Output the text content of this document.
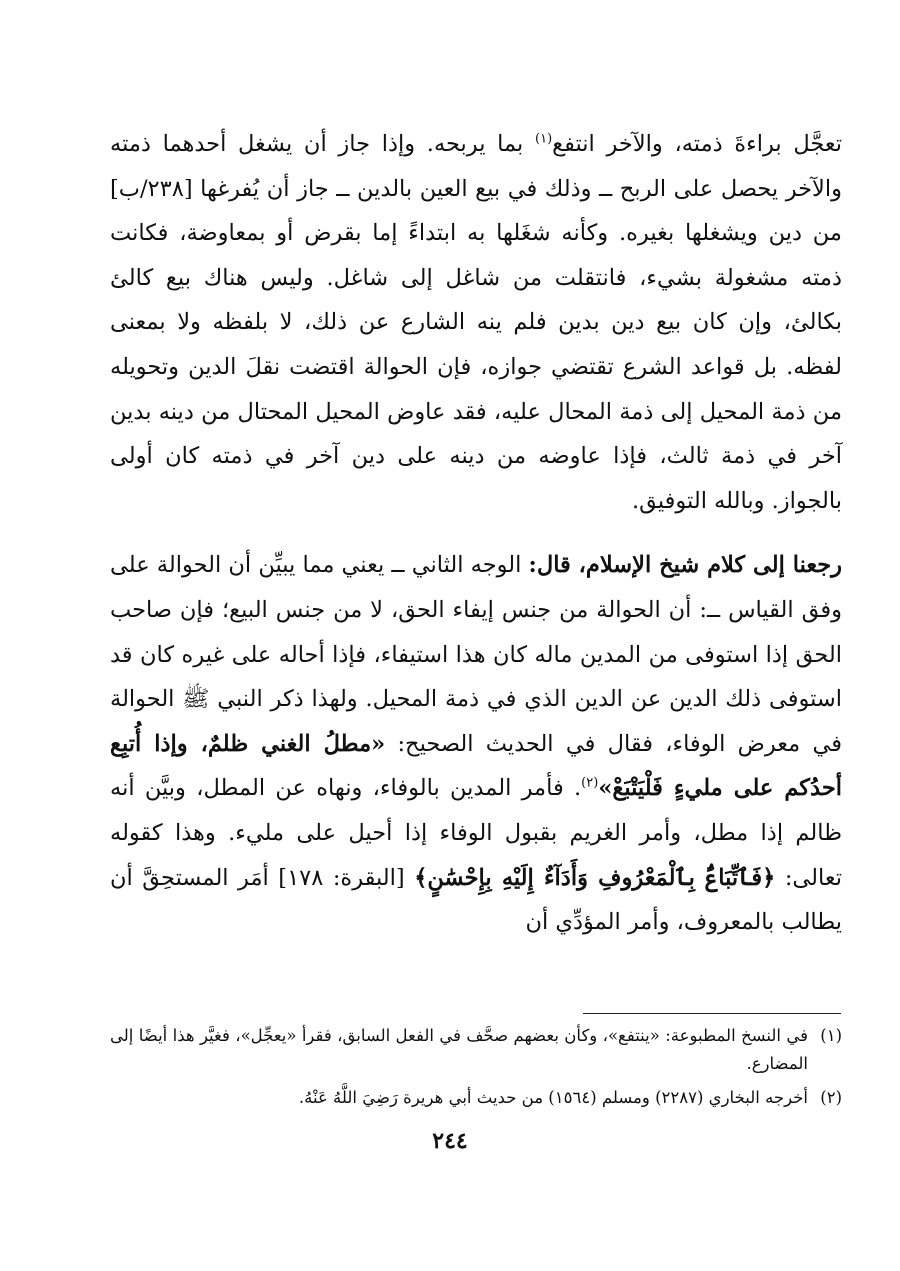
تعجَّل براءةَ ذمته، والآخر انتفع$^{(١)}$ بما يربحه. وإذا جاز أن يشغل أحدهما ذمته والآخر يحصل على الربح ــ وذلك في بيع العين بالدين ــ جاز أن يُفرغها [٢٣٨/ب] من دين ويشغلها بغيره. وكأنه شغَلها به ابتداءً إما بقرض أو بمعاوضة، فكانت ذمته مشغولة بشيء، فانتقلت من شاغل إلى شاغل. وليس هناك بيع كالئ بكالئ، وإن كان بيع دين بدين فلم ينه الشارع عن ذلك، لا بلفظه ولا بمعنى لفظه. بل قواعد الشرع تقتضي جوازه، فإن الحوالة اقتضت نقلَ الدين وتحويله من ذمة المحيل إلى ذمة المحال عليه، فقد عاوض المحيل المحتال من دينه بدين آخر في ذمة ثالث، فإذا عاوضه من دينه على دين آخر في ذمته كان أولى بالجواز. وبالله التوفيق.

رجعنا إلى كلام شيخ الإسلام، قال: الوجه الثاني ــ يعني مما يبيِّن أن الحوالة على وفق القياس ــ: أن الحوالة من جنس إيفاء الحق، لا من جنس البيع؛ فإن صاحب الحق إذا استوفى من المدين ماله كان هذا استيفاء، فإذا أحاله على غيره كان قد استوفى ذلك الدين عن الدين الذي في ذمة المحيل. ولهذا ذكر النبي ﷺ الحوالة في معرض الوفاء، فقال في الحديث الصحيح: «مطلُ الغني ظلمٌ، وإذا أُتبِع أحدُكم على مليءٍ فَلْيَتْبَعْ»$^{(٢)}$. فأمر المدين بالوفاء، ونهاه عن المطل، وبيَّن أنه ظالم إذا مطل، وأمر الغريم بقبول الوفاء إذا أحيل على مليء. وهذا كقوله تعالى: ﴿فَٱتِّبَاعٌۢ بِٱلْمَعْرُوفِ وَأَدَآءٌ إِلَيْهِ بِإِحْسَٰنٍ﴾ [البقرة: ١٧٨] أمَر المستحِقَّ أن يطالب بالمعروف، وأمر المؤدِّي أن

(١)
في النسخ المطبوعة: «ينتفع»، وكأن بعضهم صحَّف في الفعل السابق، فقرأ «يعجِّل»، فغيَّر هذا أيضًا إلى المضارع.
(٢)
أخرجه البخاري (٢٢٨٧) ومسلم (١٥٦٤) من حديث أبي هريرة رَضِيَ اللَّهُ عَنْهُ.
٢٤٤
